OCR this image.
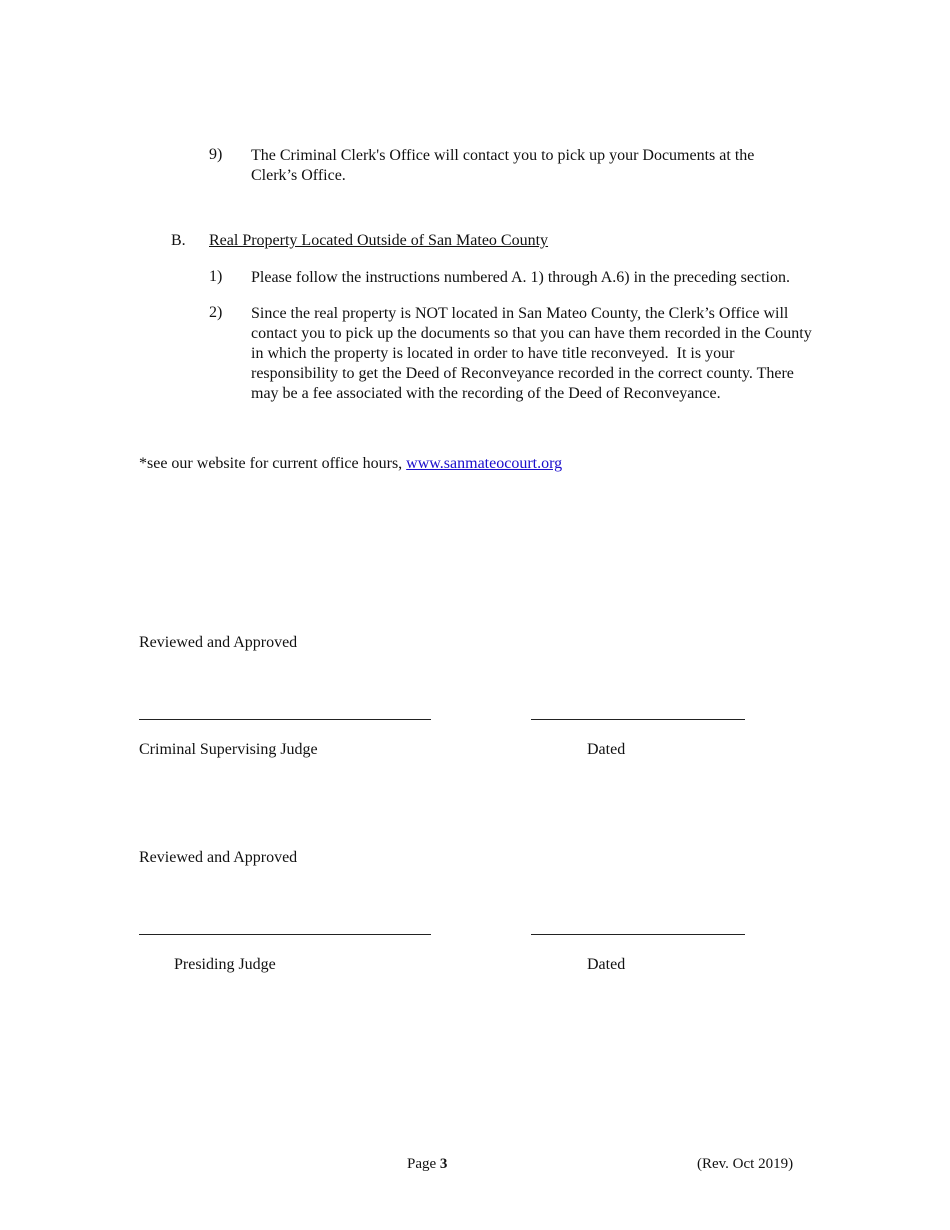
9) The Criminal Clerk's Office will contact you to pick up your Documents at the
Clerk’s Office.
B. Real Property Located Outside of San Mateo County
1) Please follow the instructions numbered A. 1) through A.6) in the preceding section.
2) Since the real property is NOT located in San Mateo County, the Clerk’s Office will
contact you to pick up the documents so that you can have them recorded in the County
in which the property is located in order to have title reconveyed.  It is your
responsibility to get the Deed of Reconveyance recorded in the correct county. There
may be a fee associated with the recording of the Deed of Reconveyance.
*see our website for current office hours, www.sanmateocourt.org
Reviewed and Approved
Criminal Supervising Judge	Dated
Reviewed and Approved
Presiding Judge	Dated
Page 3	(Rev. Oct 2019)
